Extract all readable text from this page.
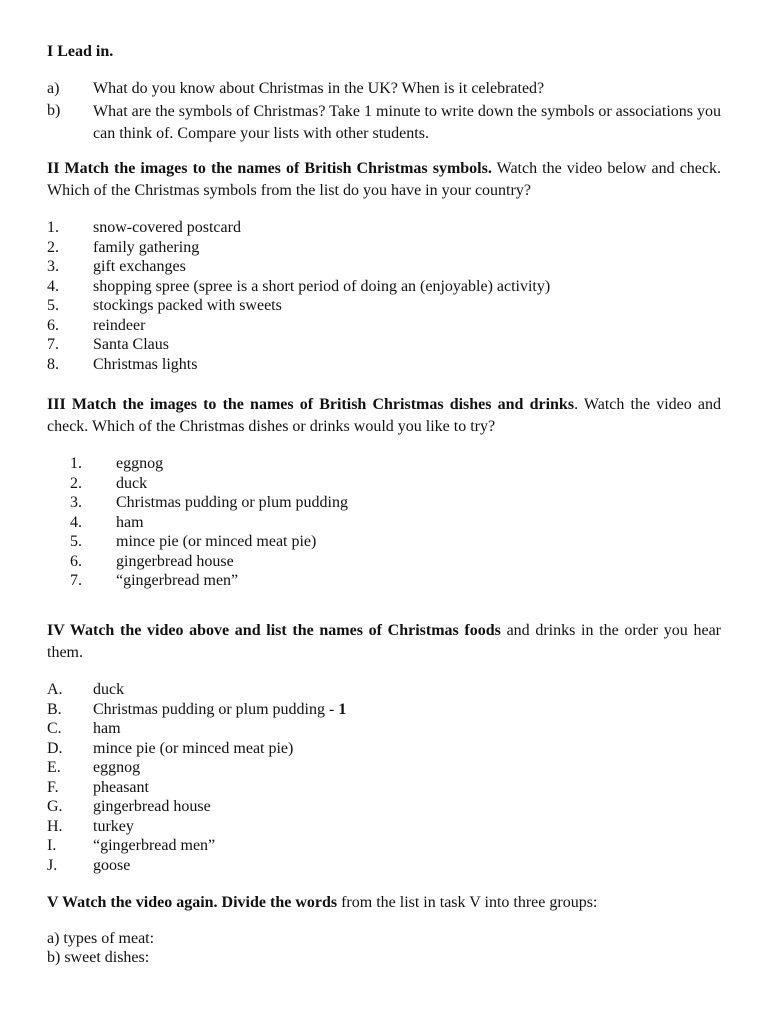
I Lead in.

a)	What do you know about Christmas in the UK? When is it celebrated?
b)	What are the symbols of Christmas? Take 1 minute to write down the symbols or associations you can think of. Compare your lists with other students.

II Match the images to the names of British Christmas symbols. Watch the video below and check. Which of the Christmas symbols from the list do you have in your country?

1.	snow-covered postcard
2.	family gathering
3.	gift exchanges
4.	shopping spree (spree is a short period of doing an (enjoyable) activity)
5.	stockings packed with sweets
6.	reindeer
7.	Santa Claus
8.	Christmas lights

III Match the images to the names of British Christmas dishes and drinks. Watch the video and check. Which of the Christmas dishes or drinks would you like to try?

1.	eggnog
2.	duck
3.	Christmas pudding or plum pudding
4.	ham
5.	mince pie (or minced meat pie)
6.	gingerbread house
7.	“gingerbread men”

IV Watch the video above and list the names of Christmas foods and drinks in the order you hear them.

A.	duck
B.	Christmas pudding or plum pudding - 1
C.	ham
D.	mince pie (or minced meat pie)
E.	eggnog
F.	pheasant
G.	gingerbread house
H.	turkey
I.	“gingerbread men”
J.	goose

V Watch the video again. Divide the words from the list in task V into three groups:

a) types of meat:

b) sweet dishes:
